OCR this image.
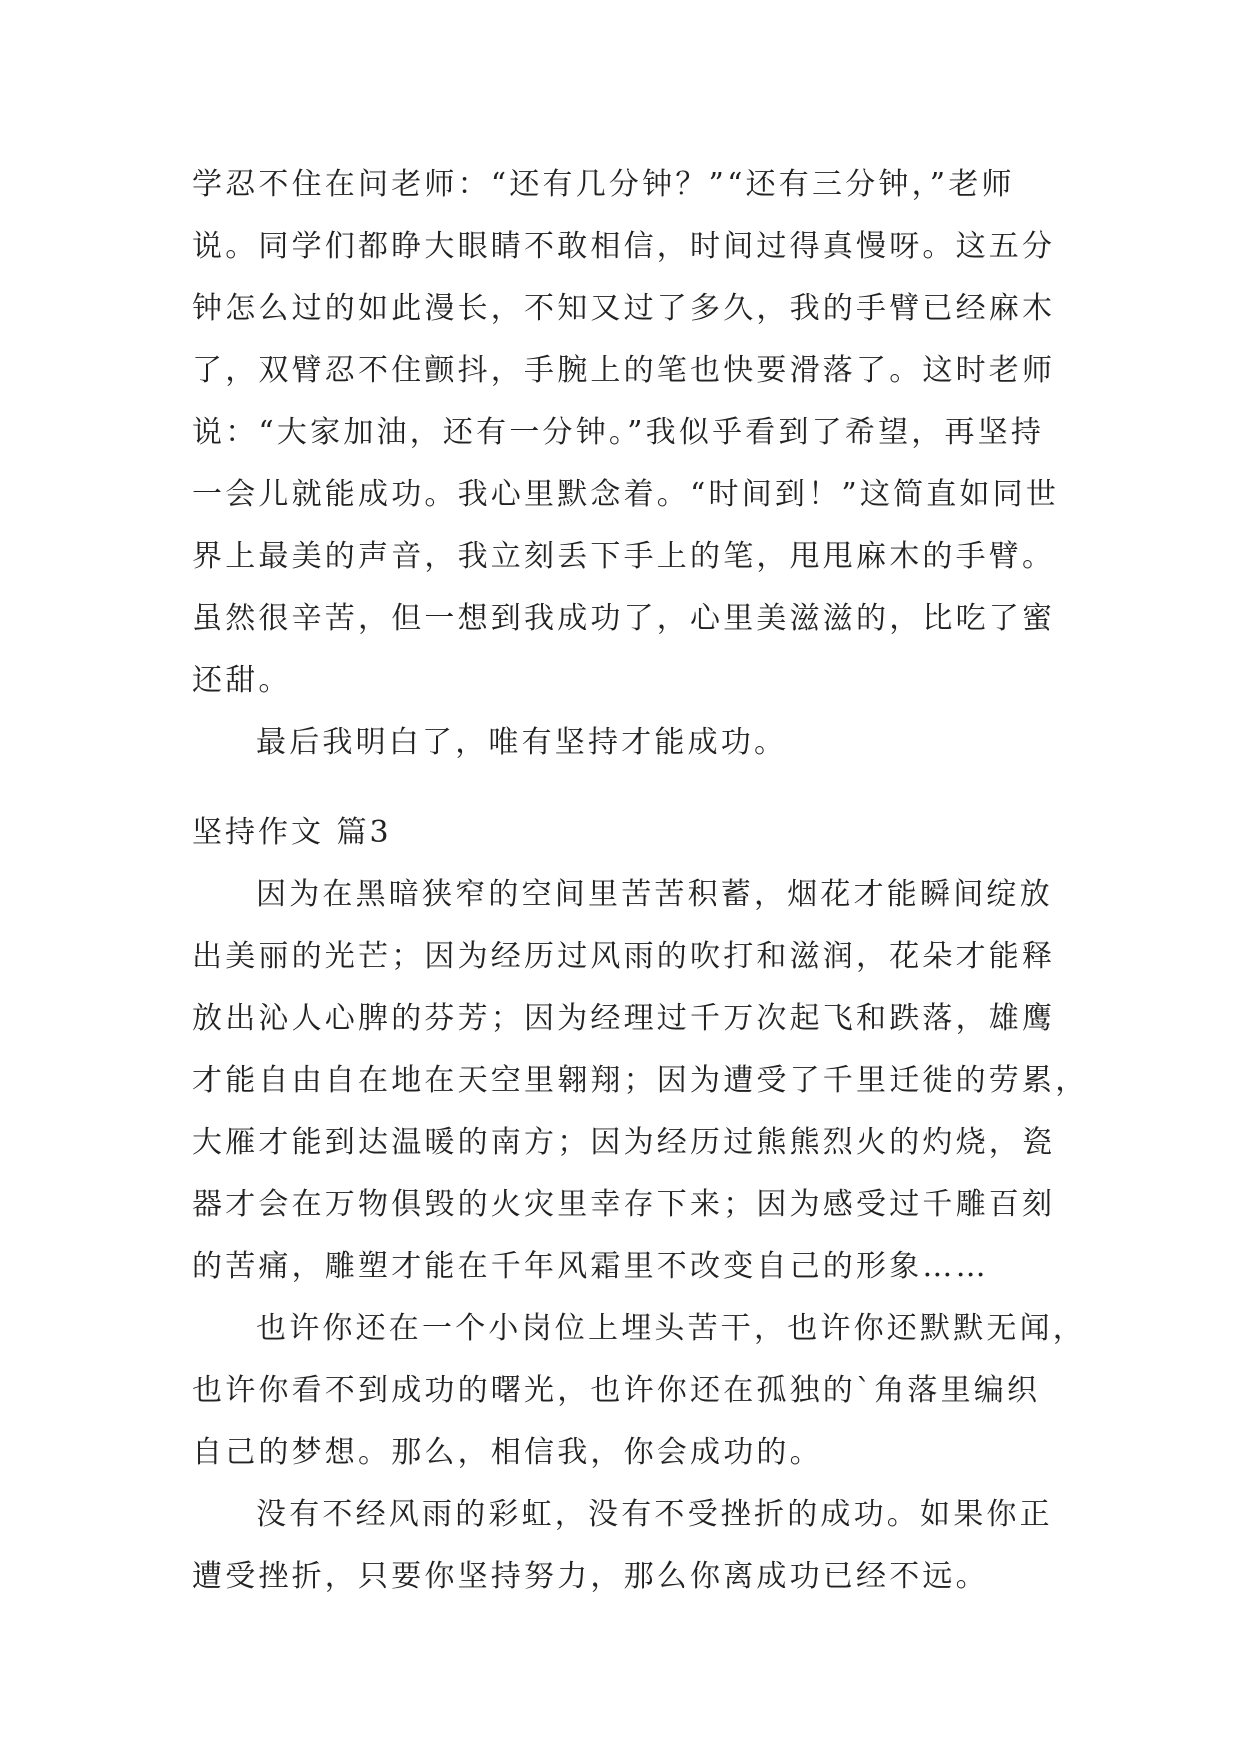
学忍不住在问老师：“还有几分钟？”“还有三分钟，”老师
说。同学们都睁大眼睛不敢相信，时间过得真慢呀。这五分
钟怎么过的如此漫长，不知又过了多久，我的手臂已经麻木
了，双臂忍不住颤抖，手腕上的笔也快要滑落了。这时老师
说：“大家加油，还有一分钟。”我似乎看到了希望，再坚持
一会儿就能成功。我心里默念着。“时间到！”这简直如同世
界上最美的声音，我立刻丢下手上的笔，甩甩麻木的手臂。
虽然很辛苦，但一想到我成功了，心里美滋滋的，比吃了蜜
还甜。
最后我明白了，唯有坚持才能成功。
坚持作文 篇3
因为在黑暗狭窄的空间里苦苦积蓄，烟花才能瞬间绽放
出美丽的光芒；因为经历过风雨的吹打和滋润，花朵才能释
放出沁人心脾的芬芳；因为经理过千万次起飞和跌落，雄鹰
才能自由自在地在天空里翱翔；因为遭受了千里迁徙的劳累，
大雁才能到达温暖的南方；因为经历过熊熊烈火的灼烧，瓷
器才会在万物俱毁的火灾里幸存下来；因为感受过千雕百刻
的苦痛，雕塑才能在千年风霜里不改变自己的形象……
也许你还在一个小岗位上埋头苦干，也许你还默默无闻，
也许你看不到成功的曙光，也许你还在孤独的`角落里编织
自己的梦想。那么，相信我，你会成功的。
没有不经风雨的彩虹，没有不受挫折的成功。如果你正
遭受挫折，只要你坚持努力，那么你离成功已经不远。
